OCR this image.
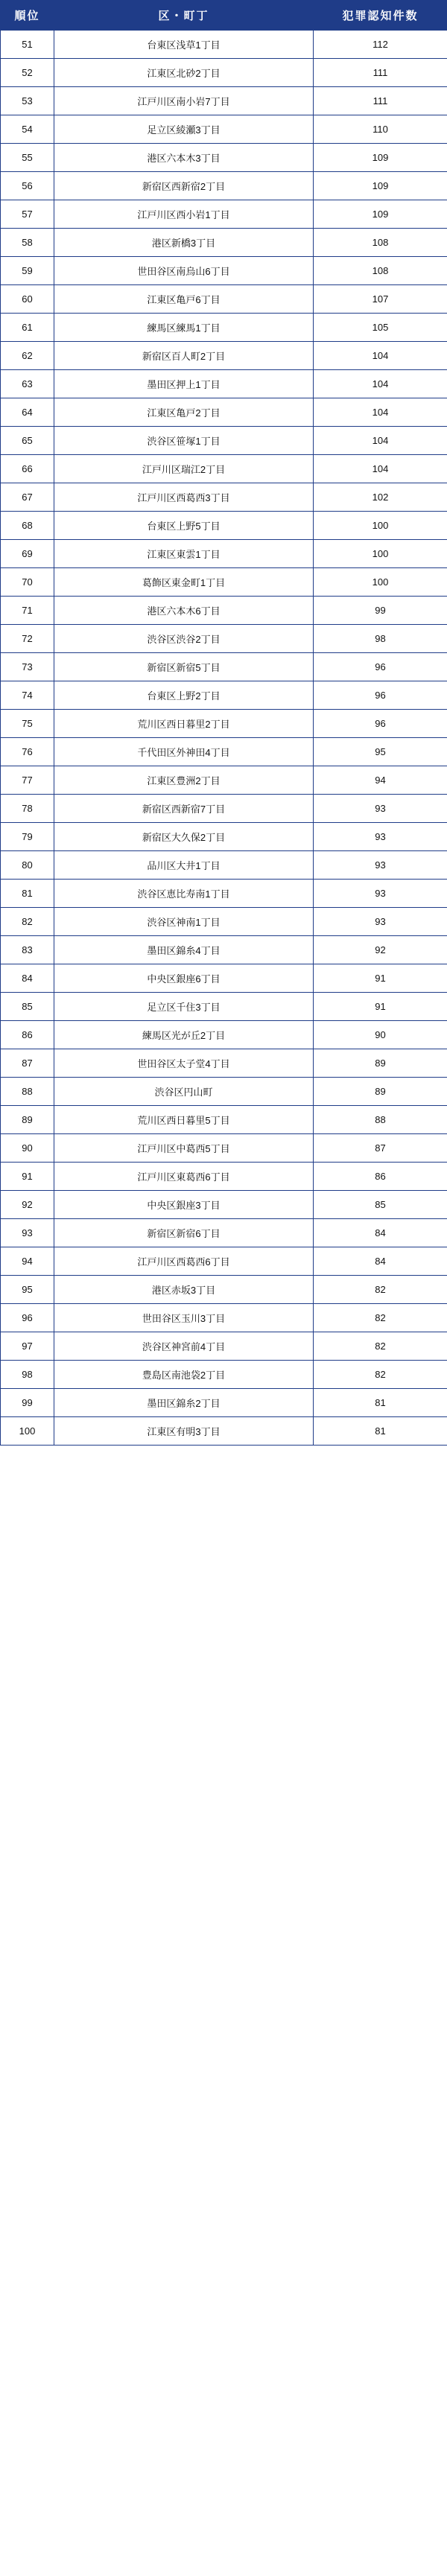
順位	区・町丁	犯罪認知件数
51	台東区浅草1丁目	112
52	江東区北砂2丁目	111
53	江戸川区南小岩7丁目	111
54	足立区綾瀬3丁目	110
55	港区六本木3丁目	109
56	新宿区西新宿2丁目	109
57	江戸川区西小岩1丁目	109
58	港区新橋3丁目	108
59	世田谷区南烏山6丁目	108
60	江東区亀戸6丁目	107
61	練馬区練馬1丁目	105
62	新宿区百人町2丁目	104
63	墨田区押上1丁目	104
64	江東区亀戸2丁目	104
65	渋谷区笹塚1丁目	104
66	江戸川区瑞江2丁目	104
67	江戸川区西葛西3丁目	102
68	台東区上野5丁目	100
69	江東区東雲1丁目	100
70	葛飾区東金町1丁目	100
71	港区六本木6丁目	99
72	渋谷区渋谷2丁目	98
73	新宿区新宿5丁目	96
74	台東区上野2丁目	96
75	荒川区西日暮里2丁目	96
76	千代田区外神田4丁目	95
77	江東区豊洲2丁目	94
78	新宿区西新宿7丁目	93
79	新宿区大久保2丁目	93
80	品川区大井1丁目	93
81	渋谷区恵比寿南1丁目	93
82	渋谷区神南1丁目	93
83	墨田区錦糸4丁目	92
84	中央区銀座6丁目	91
85	足立区千住3丁目	91
86	練馬区光が丘2丁目	90
87	世田谷区太子堂4丁目	89
88	渋谷区円山町	89
89	荒川区西日暮里5丁目	88
90	江戸川区中葛西5丁目	87
91	江戸川区東葛西6丁目	86
92	中央区銀座3丁目	85
93	新宿区新宿6丁目	84
94	江戸川区西葛西6丁目	84
95	港区赤坂3丁目	82
96	世田谷区玉川3丁目	82
97	渋谷区神宮前4丁目	82
98	豊島区南池袋2丁目	82
99	墨田区錦糸2丁目	81
100	江東区有明3丁目	81
